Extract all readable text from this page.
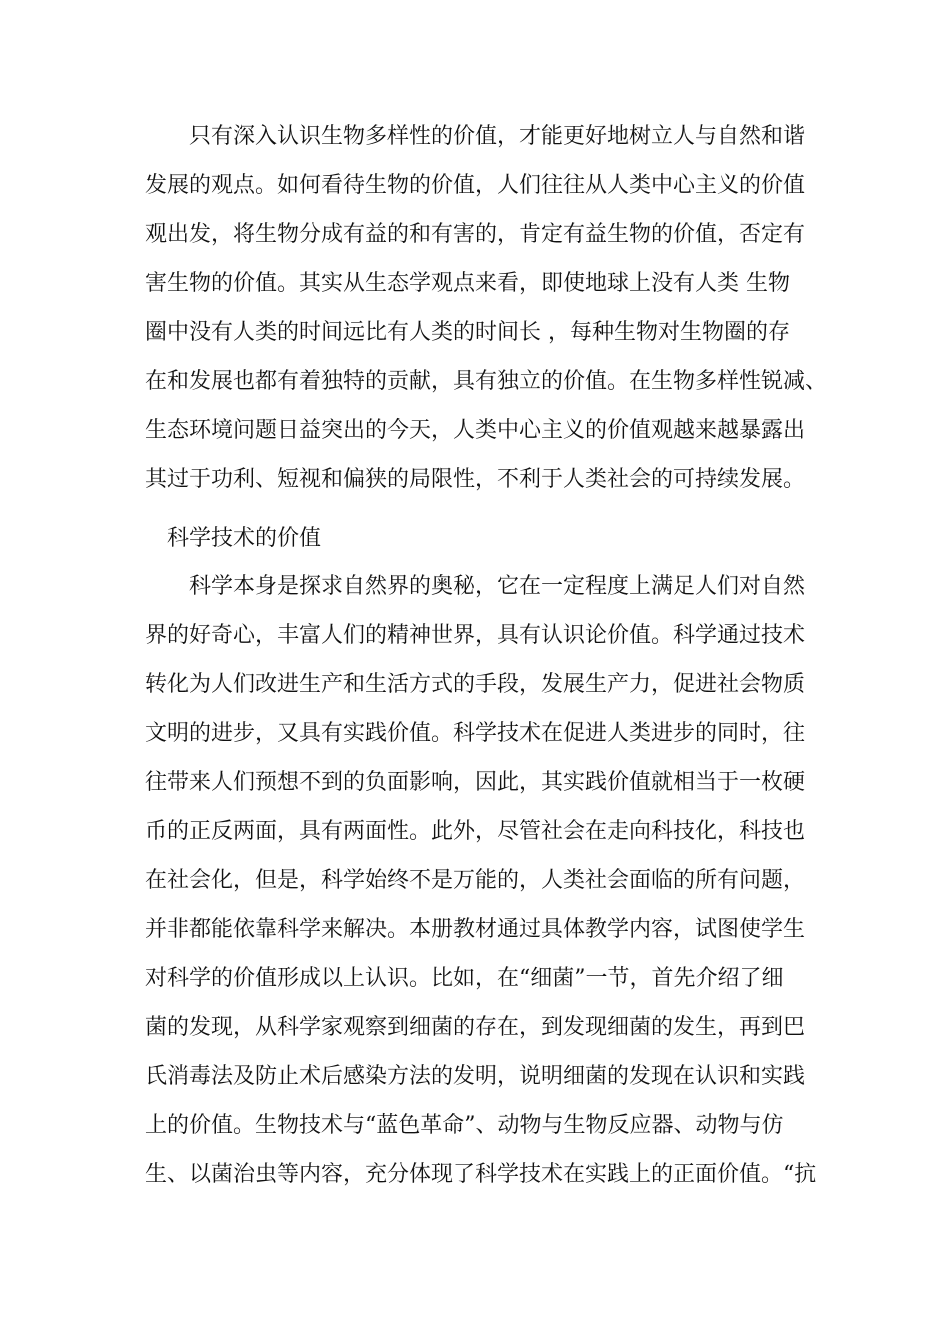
只有深入认识生物多样性的价值，才能更好地树立人与自然和谐
发展的观点。如何看待生物的价值，人们往往从人类中心主义的价值
观出发，将生物分成有益的和有害的，肯定有益生物的价值，否定有
害生物的价值。其实从生态学观点来看，即使地球上没有人类 生物
圈中没有人类的时间远比有人类的时间长 ，每种生物对生物圈的存
在和发展也都有着独特的贡献，具有独立的价值。在生物多样性锐减、
生态环境问题日益突出的今天，人类中心主义的价值观越来越暴露出
其过于功利、短视和偏狭的局限性，不利于人类社会的可持续发展。
科学技术的价值
科学本身是探求自然界的奥秘，它在一定程度上满足人们对自然
界的好奇心，丰富人们的精神世界，具有认识论价值。科学通过技术
转化为人们改进生产和生活方式的手段，发展生产力，促进社会物质
文明的进步，又具有实践价值。科学技术在促进人类进步的同时，往
往带来人们预想不到的负面影响，因此，其实践价值就相当于一枚硬
币的正反两面，具有两面性。此外，尽管社会在走向科技化，科技也
在社会化，但是，科学始终不是万能的，人类社会面临的所有问题，
并非都能依靠科学来解决。本册教材通过具体教学内容，试图使学生
对科学的价值形成以上认识。比如，在“细菌”一节，首先介绍了细
菌的发现，从科学家观察到细菌的存在，到发现细菌的发生，再到巴
氏消毒法及防止术后感染方法的发明，说明细菌的发现在认识和实践
上的价值。生物技术与“蓝色革命”、动物与生物反应器、动物与仿
生、以菌治虫等内容，充分体现了科学技术在实践上的正面价值。“抗
